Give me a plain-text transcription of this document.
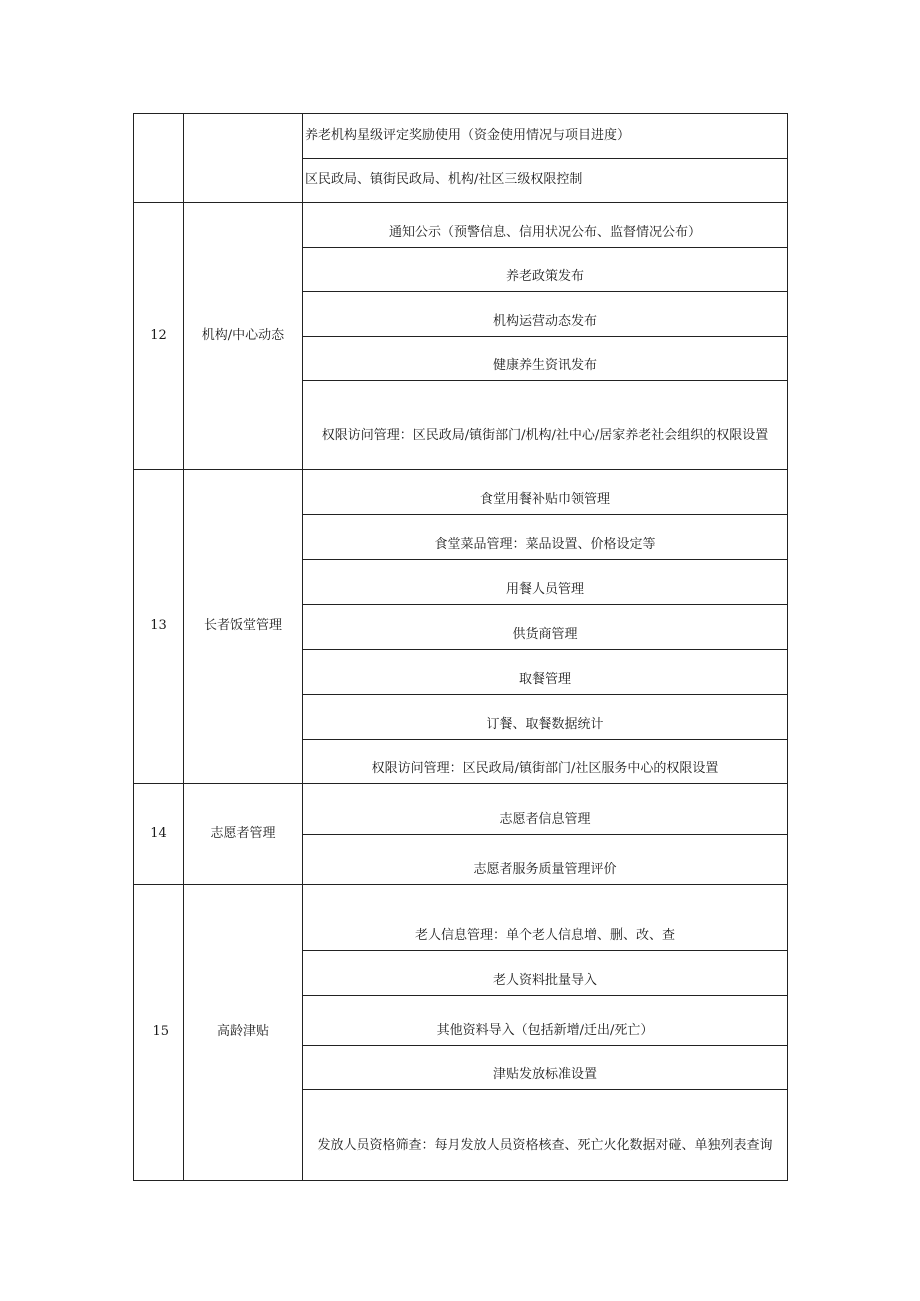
		养老机构星级评定奖励使用（资金使用情况与项目进度）
		区民政局、镇街民政局、机构/社区三级权限控制
12	机构/中心动态	通知公示（预警信息、信用状况公布、监督情况公布）
		养老政策发布
		机构运营动态发布
		健康养生资讯发布
		权限访问管理：区民政局/镇街部门/机构/社中心/居家养老社会组织的权限设置
13	长者饭堂管理	食堂用餐补贴巾领管理
		食堂菜品管理：菜品设置、价格设定等
		用餐人员管理
		供货商管理
		取餐管理
		订餐、取餐数据统计
		权限访问管理：区民政局/镇街部门/社区服务中心的权限设置
14	志愿者管理	志愿者信息管理
		志愿者服务质量管理评价
15	高龄津贴	老人信息管理：单个老人信息增、删、改、查
		老人资料批量导入
		其他资料导入（包括新增/迁出/死亡）
		津贴发放标准设置
		发放人员资格筛查：每月发放人员资格核查、死亡火化数据对碰、单独列表查询
